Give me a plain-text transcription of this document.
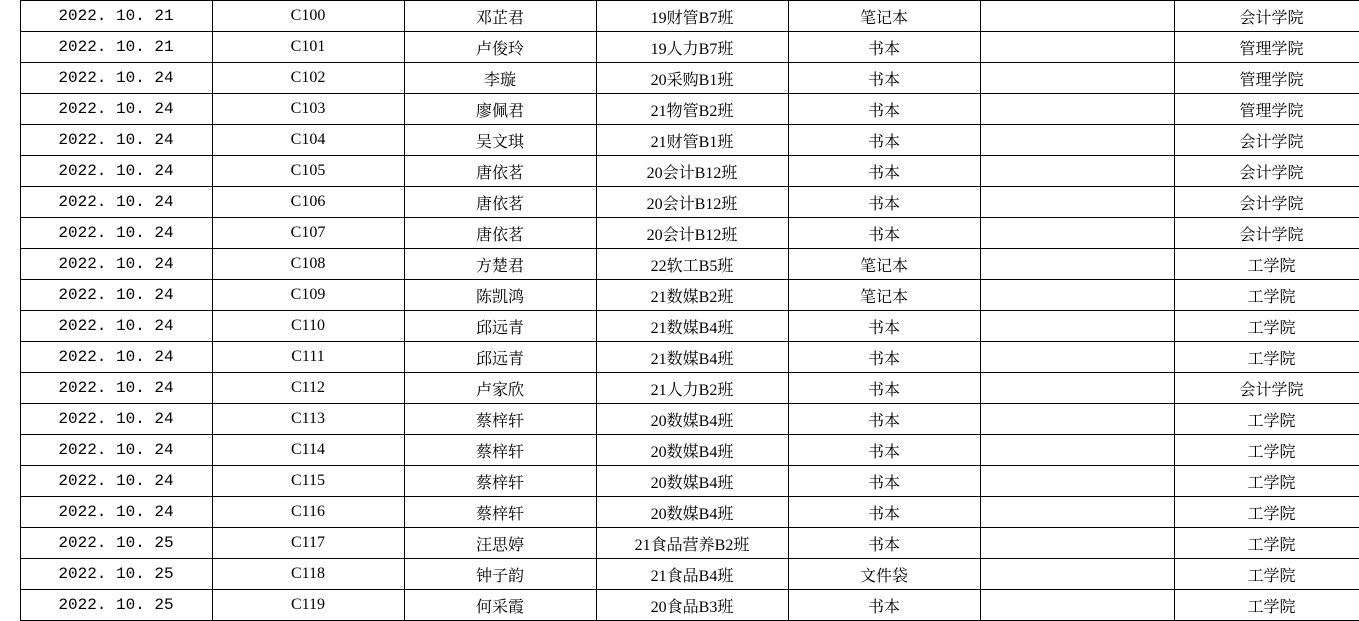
	2022. 10. 21	C100	邓芷君	19财管B7班	笔记本		会计学院
	2022. 10. 21	C101	卢俊玲	19人力B7班	书本		管理学院
	2022. 10. 24	C102	李璇	20采购B1班	书本		管理学院
	2022. 10. 24	C103	廖佩君	21物管B2班	书本		管理学院
	2022. 10. 24	C104	吴文琪	21财管B1班	书本		会计学院
	2022. 10. 24	C105	唐依茗	20会计B12班	书本		会计学院
	2022. 10. 24	C106	唐依茗	20会计B12班	书本		会计学院
	2022. 10. 24	C107	唐依茗	20会计B12班	书本		会计学院
	2022. 10. 24	C108	方楚君	22软工B5班	笔记本		工学院
	2022. 10. 24	C109	陈凯鸿	21数媒B2班	笔记本		工学院
	2022. 10. 24	C110	邱远青	21数媒B4班	书本		工学院
	2022. 10. 24	C111	邱远青	21数媒B4班	书本		工学院
	2022. 10. 24	C112	卢家欣	21人力B2班	书本		会计学院
	2022. 10. 24	C113	蔡梓轩	20数媒B4班	书本		工学院
	2022. 10. 24	C114	蔡梓轩	20数媒B4班	书本		工学院
	2022. 10. 24	C115	蔡梓轩	20数媒B4班	书本		工学院
	2022. 10. 24	C116	蔡梓轩	20数媒B4班	书本		工学院
	2022. 10. 25	C117	汪思婷	21食品营养B2班	书本		工学院
	2022. 10. 25	C118	钟子韵	21食品B4班	文件袋		工学院
	2022. 10. 25	C119	何采霞	20食品B3班	书本		工学院
